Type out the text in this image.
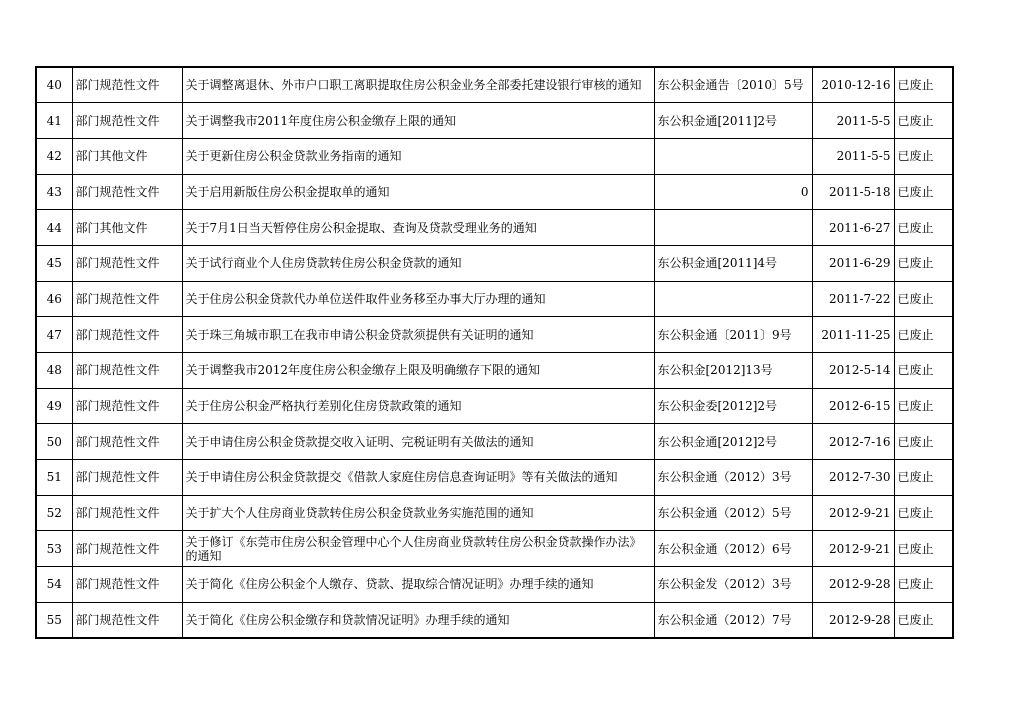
40	部门规范性文件	关于调整离退休、外市户口职工离职提取住房公积金业务全部委托建设银行审核的通知	东公积金通告〔2010〕5号	2010-12-16	已废止
41	部门规范性文件	关于调整我市2011年度住房公积金缴存上限的通知	东公积金通[2011]2号	2011-5-5	已废止
42	部门其他文件	关于更新住房公积金贷款业务指南的通知		2011-5-5	已废止
43	部门规范性文件	关于启用新版住房公积金提取单的通知	0	2011-5-18	已废止
44	部门其他文件	关于7月1日当天暂停住房公积金提取、查询及贷款受理业务的通知		2011-6-27	已废止
45	部门规范性文件	关于试行商业个人住房贷款转住房公积金贷款的通知	东公积金通[2011]4号	2011-6-29	已废止
46	部门规范性文件	关于住房公积金贷款代办单位送件取件业务移至办事大厅办理的通知		2011-7-22	已废止
47	部门规范性文件	关于珠三角城市职工在我市申请公积金贷款须提供有关证明的通知	东公积金通〔2011〕9号	2011-11-25	已废止
48	部门规范性文件	关于调整我市2012年度住房公积金缴存上限及明确缴存下限的通知	东公积金[2012]13号	2012-5-14	已废止
49	部门规范性文件	关于住房公积金严格执行差别化住房贷款政策的通知	东公积金委[2012]2号	2012-6-15	已废止
50	部门规范性文件	关于申请住房公积金贷款提交收入证明、完税证明有关做法的通知	东公积金通[2012]2号	2012-7-16	已废止
51	部门规范性文件	关于申请住房公积金贷款提交《借款人家庭住房信息查询证明》等有关做法的通知	东公积金通（2012）3号	2012-7-30	已废止
52	部门规范性文件	关于扩大个人住房商业贷款转住房公积金贷款业务实施范围的通知	东公积金通（2012）5号	2012-9-21	已废止
53	部门规范性文件	关于修订《东莞市住房公积金管理中心个人住房商业贷款转住房公积金贷款操作办法》的通知	东公积金通（2012）6号	2012-9-21	已废止
54	部门规范性文件	关于简化《住房公积金个人缴存、贷款、提取综合情况证明》办理手续的通知	东公积金发（2012）3号	2012-9-28	已废止
55	部门规范性文件	关于简化《住房公积金缴存和贷款情况证明》办理手续的通知	东公积金通（2012）7号	2012-9-28	已废止
